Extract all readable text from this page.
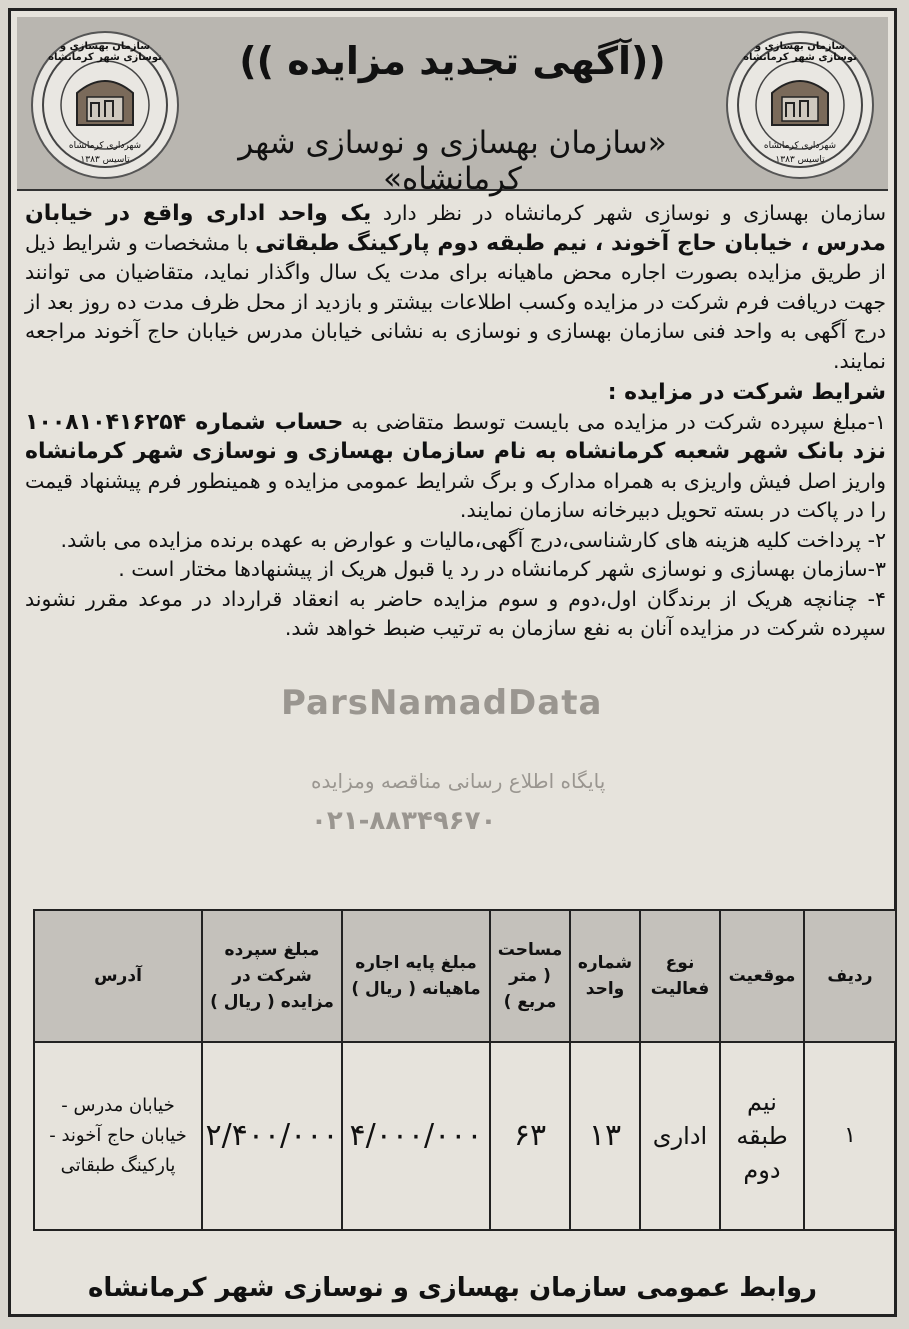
سازمان بهسازی و نوسازی شهر کرمانشاه
شهرداری کرمانشاه
تاسیس ۱۳۸۳
سازمان بهسازی و نوسازی شهر کرمانشاه
شهرداری کرمانشاه
تاسیس ۱۳۸۳
((آگهی تجدید مزایده ))
«سازمان بهسازی و نوسازی شهر کرمانشاه»
ParsNamadData
پایگاه اطلاع رسانی مناقصه ومزایده
۰۲۱-۸۸۳۴۹۶۷۰

سازمان بهسازی و نوسازی شهر کرمانشاه در نظر دارد یک واحد اداری واقع در خیابان مدرس ، خیابان حاج آخوند ، نیم طبقه دوم پارکینگ طبقاتی با مشخصات و شرایط ذیل از طریق مزایده بصورت اجاره محض ماهیانه برای مدت یک سال واگذار نماید، متقاضیان می توانند جهت دریافت فرم شرکت در مزایده وکسب اطلاعات بیشتر و بازدید از محل ظرف مدت ده روز بعد از درج آگهی به واحد فنی سازمان بهسازی و نوسازی به نشانی خیابان مدرس خیابان حاج آخوند مراجعه نمایند.

شرایط شرکت در مزایده :

۱-مبلغ سپرده شرکت در مزایده می بایست توسط متقاضی به حساب شماره ۱۰۰۸۱۰۴۱۶۲۵۴ نزد بانک شهر شعبه کرمانشاه به نام سازمان بهسازی و نوسازی شهر کرمانشاه واریز اصل فیش واریزی به همراه مدارک و برگ شرایط عمومی مزایده و همینطور فرم پیشنهاد قیمت را در پاکت در بسته تحویل دبیرخانه سازمان نمایند.

۲- پرداخت کلیه هزینه های کارشناسی،درج آگهی،مالیات و عوارض به عهده برنده مزایده می باشد.

۳-سازمان بهسازی و نوسازی شهر کرمانشاه در رد یا قبول هریک از پیشنهادها مختار است .

۴- چنانچه هریک از برندگان اول،دوم و سوم مزایده حاضر به انعقاد قرارداد در موعد مقرر نشوند سپرده شرکت در مزایده آنان به نفع سازمان به ترتیب ضبط خواهد شد.

ردیف	موقعیت	نوع فعالیت	شماره واحد	مساحت ( متر مربع )	مبلغ پایه اجاره ماهیانه ( ریال )	مبلغ سپرده شرکت در مزایده ( ریال )	آدرس
۱	نیم طبقه دوم	اداری	۱۳	۶۳	۴/۰۰۰/۰۰۰	۲/۴۰۰/۰۰۰	خیابان مدرس - خیابان حاج آخوند - پارکینگ طبقاتی
روابط عمومی سازمان بهسازی و نوسازی شهر کرمانشاه
